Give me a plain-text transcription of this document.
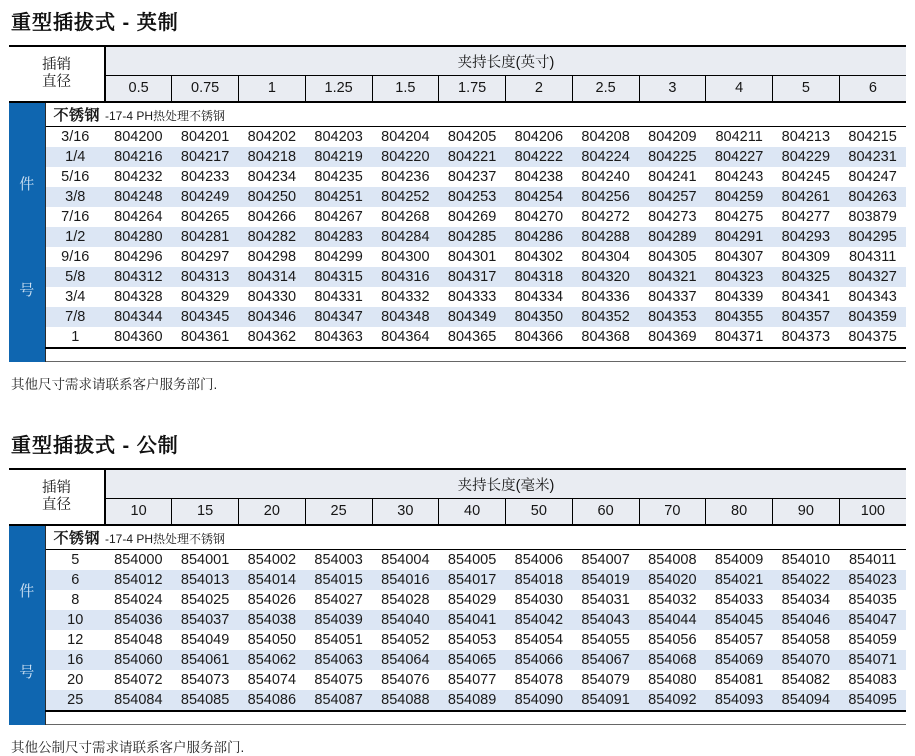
重型插拔式 - 英制
插销
直径		夹持长度(英寸)											
		0.5	0.75	1	1.25	1.5	1.75	2	2.5	3	4	5	6

件
号	不锈钢 -17-4 PH热处理不锈钢												
	3/16	804200	804201	804202	804203	804204	804205	804206	804208	804209	804211	804213	804215
	1/4	804216	804217	804218	804219	804220	804221	804222	804224	804225	804227	804229	804231
	5/16	804232	804233	804234	804235	804236	804237	804238	804240	804241	804243	804245	804247
	3/8	804248	804249	804250	804251	804252	804253	804254	804256	804257	804259	804261	804263
	7/16	804264	804265	804266	804267	804268	804269	804270	804272	804273	804275	804277	803879
	1/2	804280	804281	804282	804283	804284	804285	804286	804288	804289	804291	804293	804295
	9/16	804296	804297	804298	804299	804300	804301	804302	804304	804305	804307	804309	804311
	5/8	804312	804313	804314	804315	804316	804317	804318	804320	804321	804323	804325	804327
	3/4	804328	804329	804330	804331	804332	804333	804334	804336	804337	804339	804341	804343
	7/8	804344	804345	804346	804347	804348	804349	804350	804352	804353	804355	804357	804359
	1	804360	804361	804362	804363	804364	804365	804366	804368	804369	804371	804373	804375

其他尺寸需求请联系客户服务部门.

重型插拔式 - 公制
插销
直径		夹持长度(毫米)											
		10	15	20	25	30	40	50	60	70	80	90	100

件
号	不锈钢 -17-4 PH热处理不锈钢												
	5	854000	854001	854002	854003	854004	854005	854006	854007	854008	854009	854010	854011
	6	854012	854013	854014	854015	854016	854017	854018	854019	854020	854021	854022	854023
	8	854024	854025	854026	854027	854028	854029	854030	854031	854032	854033	854034	854035
	10	854036	854037	854038	854039	854040	854041	854042	854043	854044	854045	854046	854047
	12	854048	854049	854050	854051	854052	854053	854054	854055	854056	854057	854058	854059
	16	854060	854061	854062	854063	854064	854065	854066	854067	854068	854069	854070	854071
	20	854072	854073	854074	854075	854076	854077	854078	854079	854080	854081	854082	854083
	25	854084	854085	854086	854087	854088	854089	854090	854091	854092	854093	854094	854095

其他公制尺寸需求请联系客户服务部门.
